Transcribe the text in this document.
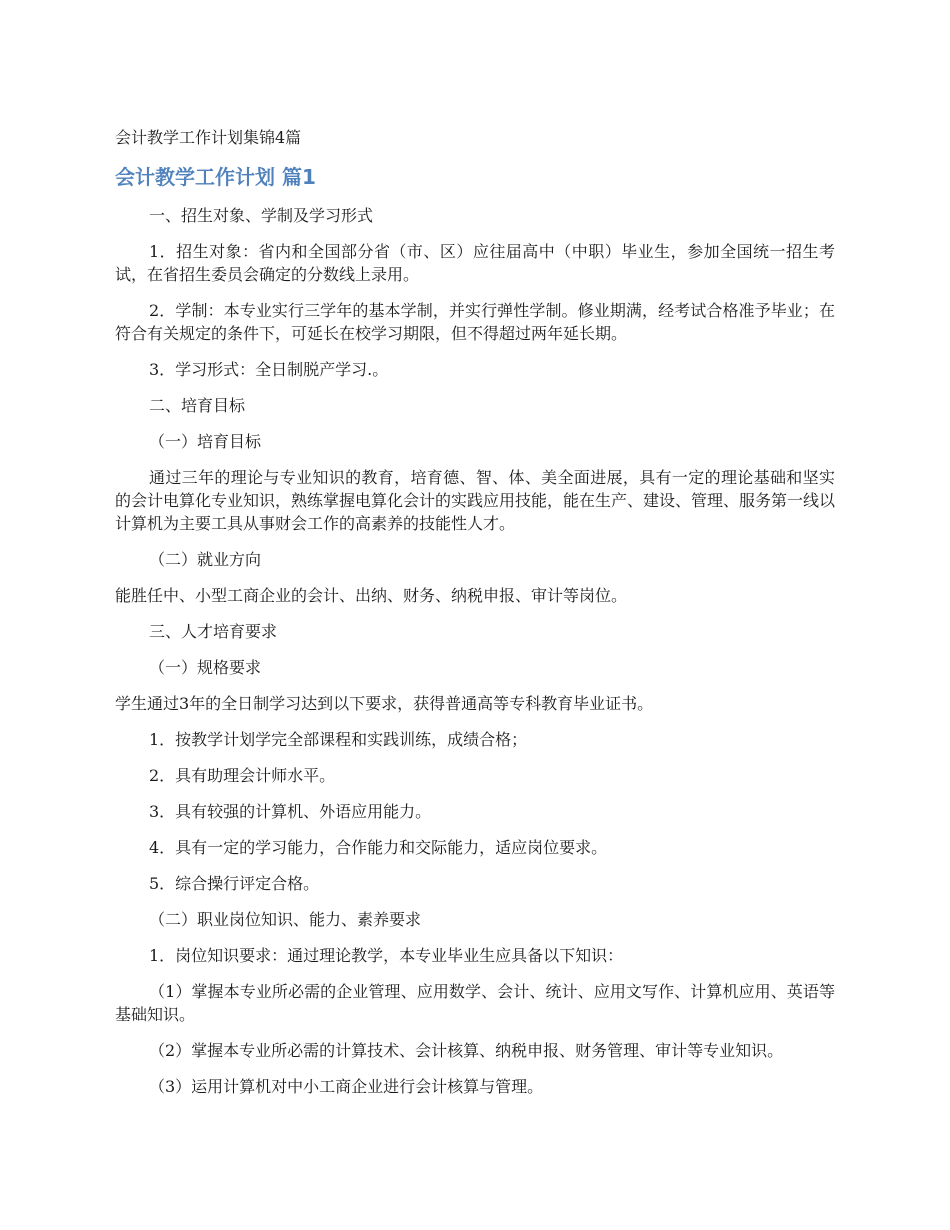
会计教学工作计划集锦4篇
会计教学工作计划 篇1

一、招生对象、学制及学习形式

1．招生对象：省内和全国部分省（市、区）应往届高中（中职）毕业生，参加全国统一招生考试，在省招生委员会确定的分数线上录用。

2．学制：本专业实行三学年的基本学制，并实行弹性学制。修业期满，经考试合格准予毕业；在符合有关规定的条件下，可延长在校学习期限，但不得超过两年延长期。

3．学习形式：全日制脱产学习.。

二、培育目标

（一）培育目标

通过三年的理论与专业知识的教育，培育德、智、体、美全面进展，具有一定的理论基础和坚实的会计电算化专业知识，熟练掌握电算化会计的实践应用技能，能在生产、建设、管理、服务第一线以计算机为主要工具从事财会工作的高素养的技能性人才。

（二）就业方向

能胜任中、小型工商企业的会计、出纳、财务、纳税申报、审计等岗位。

三、人才培育要求

（一）规格要求

学生通过3年的全日制学习达到以下要求，获得普通高等专科教育毕业证书。

1．按教学计划学完全部课程和实践训练，成绩合格；

2．具有助理会计师水平。

3．具有较强的计算机、外语应用能力。

4．具有一定的学习能力，合作能力和交际能力，适应岗位要求。

5．综合操行评定合格。

（二）职业岗位知识、能力、素养要求

1．岗位知识要求：通过理论教学，本专业毕业生应具备以下知识：

（1）掌握本专业所必需的企业管理、应用数学、会计、统计、应用文写作、计算机应用、英语等基础知识。

（2）掌握本专业所必需的计算技术、会计核算、纳税申报、财务管理、审计等专业知识。

（3）运用计算机对中小工商企业进行会计核算与管理。
